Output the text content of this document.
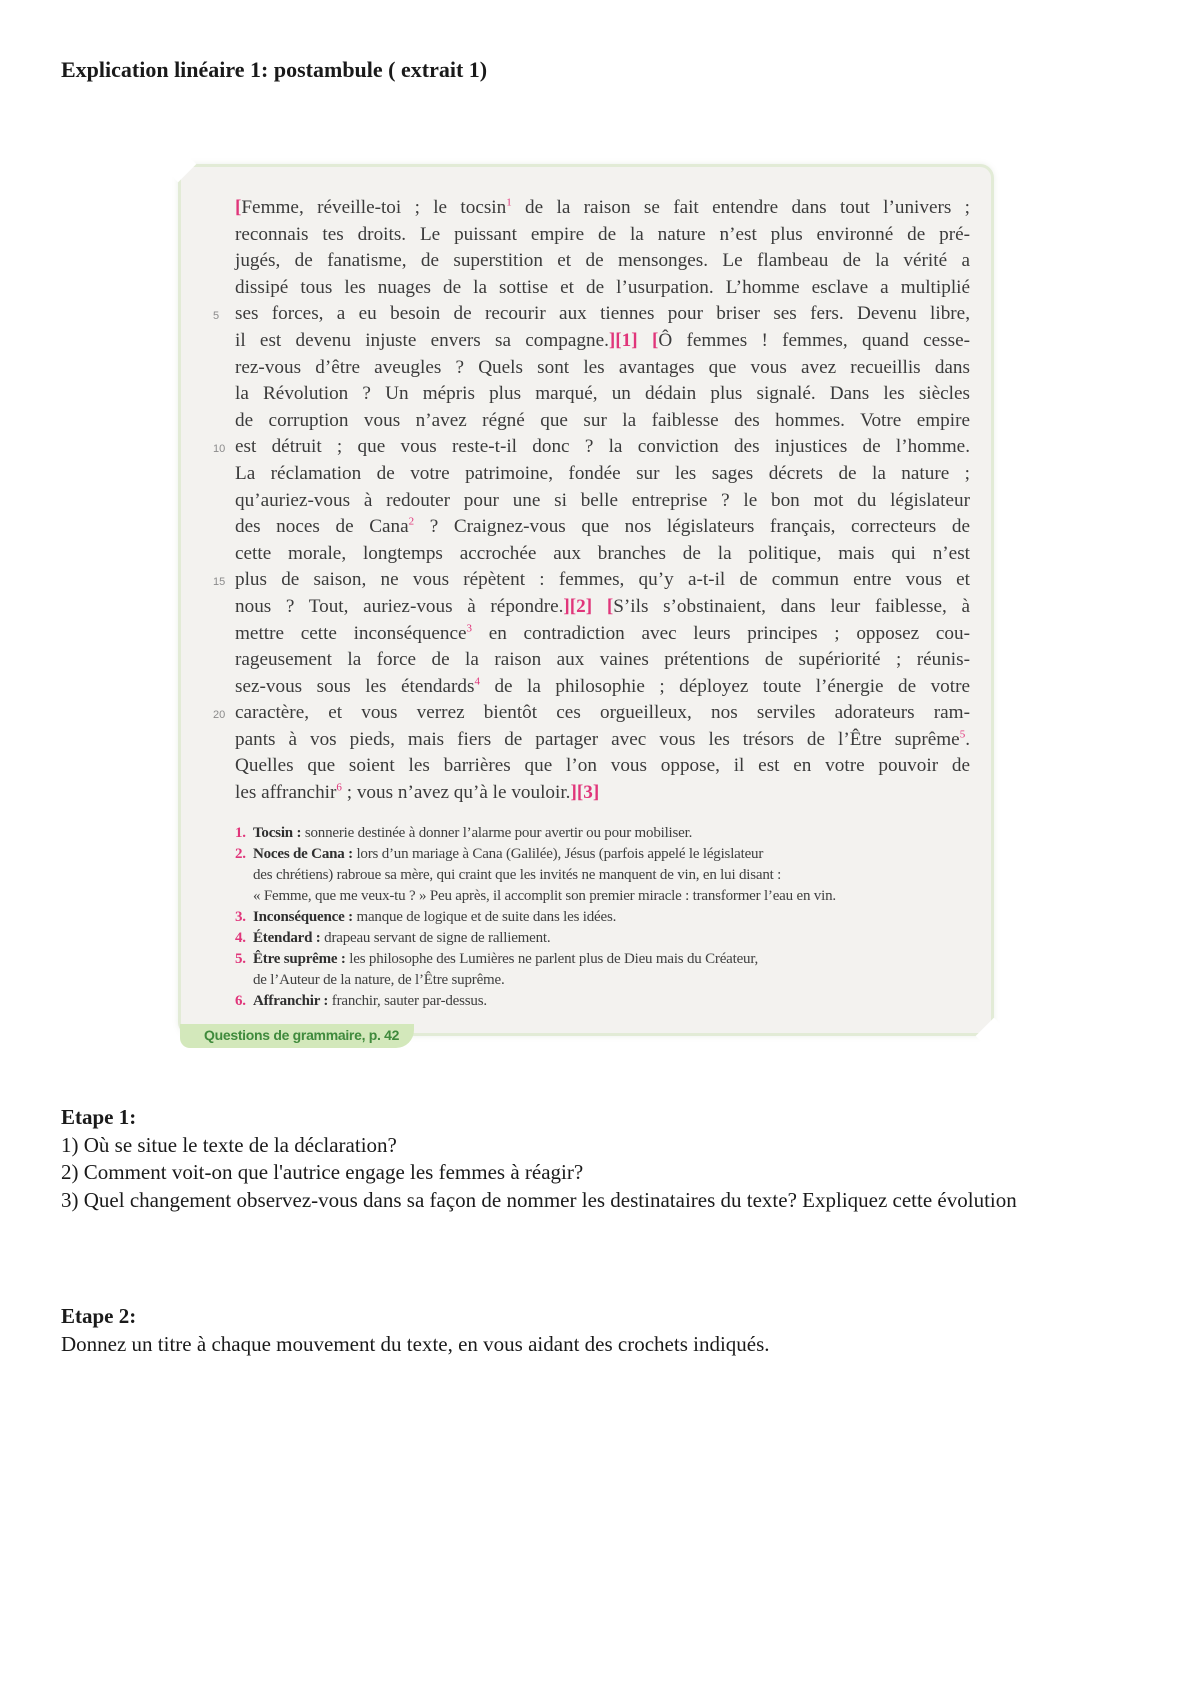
Explication linéaire 1: postambule ( extrait 1)

[Femme, réveille-toi ; le tocsin$^1$ de la raison se fait entendre dans tout l’univers ;
reconnais tes droits. Le puissant empire de la nature n’est plus environné de pré-
jugés, de fanatisme, de superstition et de mensonges. Le flambeau de la vérité a
dissipé tous les nuages de la sottise et de l’usurpation. L’homme esclave a multiplié
5 ses forces, a eu besoin de recourir aux tiennes pour briser ses fers. Devenu libre,
il est devenu injuste envers sa compagne.][1] [Ô femmes ! femmes, quand cesse-
rez-vous d’être aveugles ? Quels sont les avantages que vous avez recueillis dans
la Révolution ? Un mépris plus marqué, un dédain plus signalé. Dans les siècles
de corruption vous n’avez régné que sur la faiblesse des hommes. Votre empire
10 est détruit ; que vous reste-t-il donc ? la conviction des injustices de l’homme.
La réclamation de votre patrimoine, fondée sur les sages décrets de la nature ;
qu’auriez-vous à redouter pour une si belle entreprise ? le bon mot du législateur
des noces de Cana$^2$ ? Craignez-vous que nos législateurs français, correcteurs de
cette morale, longtemps accrochée aux branches de la politique, mais qui n’est
15 plus de saison, ne vous répètent : femmes, qu’y a-t-il de commun entre vous et
nous ? Tout, auriez-vous à répondre.][2] [S’ils s’obstinaient, dans leur faiblesse, à
mettre cette inconséquence$^3$ en contradiction avec leurs principes ; opposez cou-
rageusement la force de la raison aux vaines prétentions de supériorité ; réunis-
sez-vous sous les étendards$^4$ de la philosophie ; déployez toute l’énergie de votre
20 caractère, et vous verrez bientôt ces orgueilleux, nos serviles adorateurs ram-
pants à vos pieds, mais fiers de partager avec vous les trésors de l’Être suprême$^5$.
Quelles que soient les barrières que l’on vous oppose, il est en votre pouvoir de
les affranchir$^6$ ; vous n’avez qu’à le vouloir.][3]

1. Tocsin : sonnerie destinée à donner l’alarme pour avertir ou pour mobiliser.
2. Noces de Cana : lors d’un mariage à Cana (Galilée), Jésus (parfois appelé le législateur
des chrétiens) rabroue sa mère, qui craint que les invités ne manquent de vin, en lui disant :
« Femme, que me veux-tu ? » Peu après, il accomplit son premier miracle : transformer l’eau en vin.
3. Inconséquence : manque de logique et de suite dans les idées.
4. Étendard : drapeau servant de signe de ralliement.
5. Être suprême : les philosophe des Lumières ne parlent plus de Dieu mais du Créateur,
de l’Auteur de la nature, de l’Être suprême.
6. Affranchir : franchir, sauter par-dessus.
Questions de grammaire, p. 42
Etape 1:

1) Où se situe le texte de la déclaration?

2) Comment voit-on que l'autrice engage les femmes à réagir?

3) Quel changement observez-vous dans sa façon de nommer les destinataires du texte? Expliquez cette évolution

Etape 2:

Donnez un titre à chaque mouvement du texte, en vous aidant des crochets indiqués.
